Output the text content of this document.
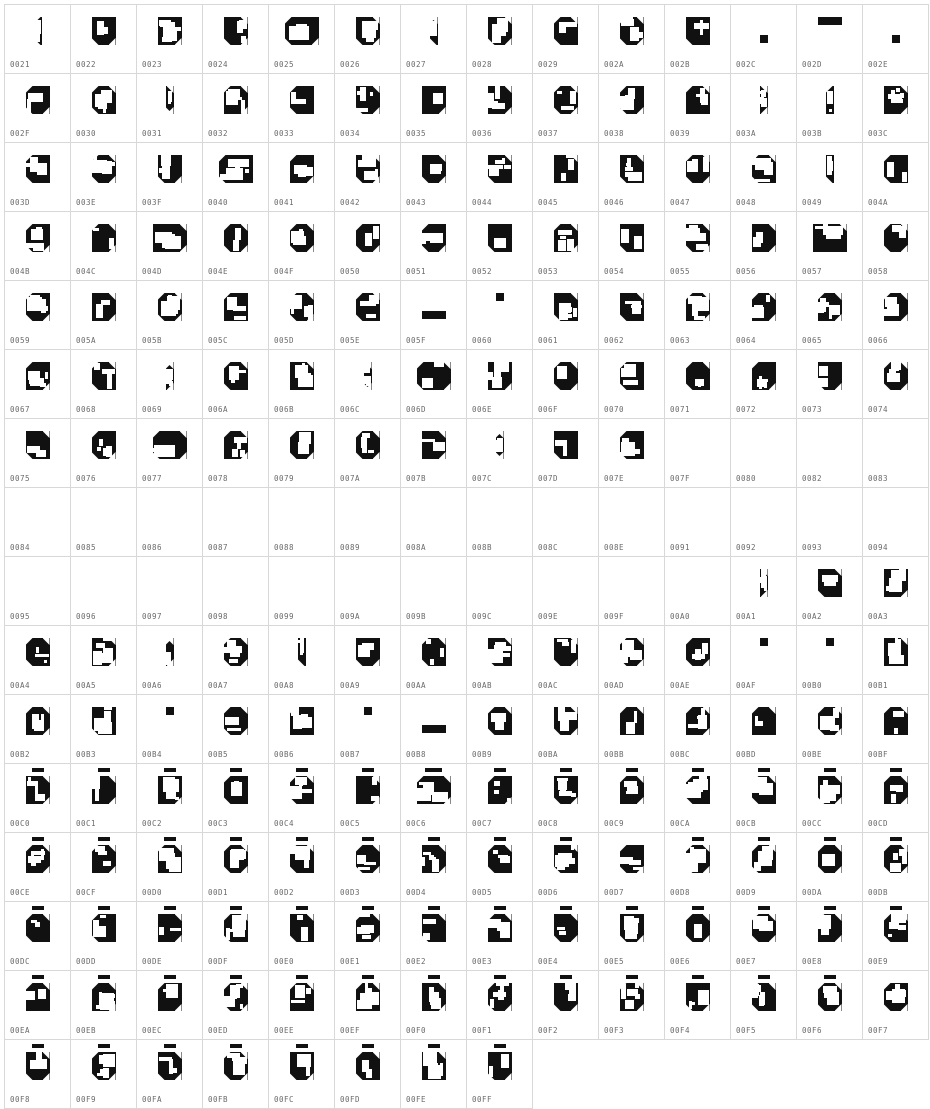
0021	0022	0023	0024	0025	0026	0027	0028	0029	002A	002B	002C	002D	002E

002F	0030	0031	0032	0033	0034	0035	0036	0037	0038	0039	003A	003B	003C

003D	003E	003F	0040	0041	0042	0043	0044	0045	0046	0047	0048	0049	004A

004B	004C	004D	004E	004F	0050	0051	0052	0053	0054	0055	0056	0057	0058

0059	005A	005B	005C	005D	005E	005F	0060	0061	0062	0063	0064	0065	0066

0067	0068	0069	006A	006B	006C	006D	006E	006F	0070	0071	0072	0073	0074

0075	0076	0077	0078	0079	007A	007B	007C	007D	007E	007F	0080	0082	0083

0084	0085	0086	0087	0088	0089	008A	008B	008C	008E	0091	0092	0093	0094

0095	0096	0097	0098	0099	009A	009B	009C	009E	009F	00A0	00A1	00A2	00A3

00A4	00A5	00A6	00A7	00A8	00A9	00AA	00AB	00AC	00AD	00AE	00AF	00B0	00B1

00B2	00B3	00B4	00B5	00B6	00B7	00B8	00B9	00BA	00BB	00BC	00BD	00BE	00BF

00C0	00C1	00C2	00C3	00C4	00C5	00C6	00C7	00C8	00C9	00CA	00CB	00CC	00CD

00CE	00CF	00D0	00D1	00D2	00D3	00D4	00D5	00D6	00D7	00D8	00D9	00DA	00DB

00DC	00DD	00DE	00DF	00E0	00E1	00E2	00E3	00E4	00E5	00E6	00E7	00E8	00E9

00EA	00EB	00EC	00ED	00EE	00EF	00F0	00F1	00F2	00F3	00F4	00F5	00F6	00F7

00F8	00F9	00FA	00FB	00FC	00FD	00FE	00FF						
